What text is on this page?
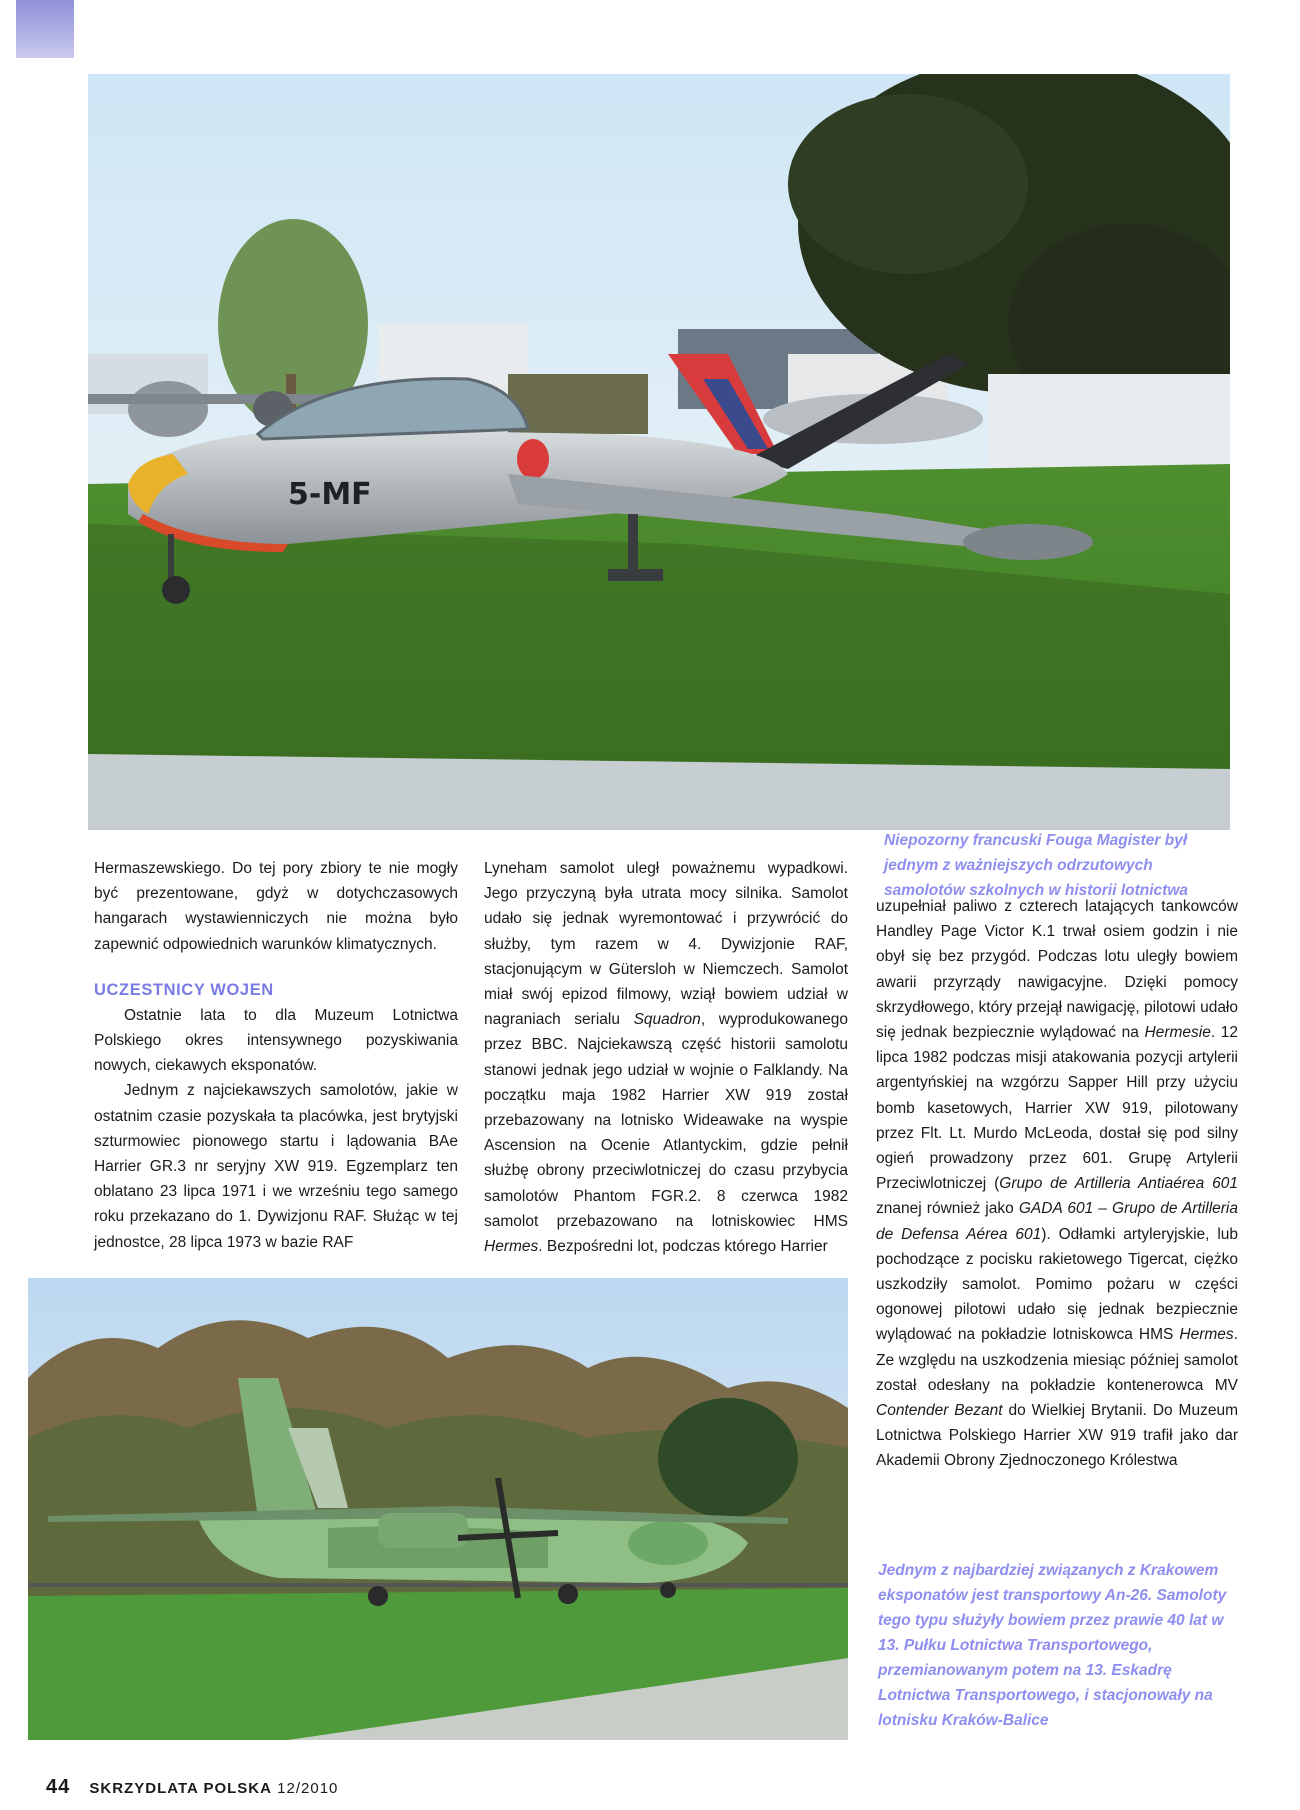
5-MF
Niepozorny francuski Fouga Magister był jednym z ważniejszych odrzutowych samolotów szkolnych w historii lotnictwa

Hermaszewskiego. Do tej pory zbiory te nie mogły być prezentowane, gdyż w dotychczasowych hangarach wystawienniczych nie można było zapewnić odpowiednich warunków klimatycznych.

UCZESTNICY WOJEN

Ostatnie lata to dla Muzeum Lotnictwa Polskiego okres intensywnego pozyskiwania nowych, ciekawych eksponatów.

Jednym z najciekawszych samolotów, jakie w ostatnim czasie pozyskała ta placówka, jest brytyjski szturmowiec pionowego startu i lądowania BAe Harrier GR.3 nr seryjny XW 919. Egzemplarz ten oblatano 23 lipca 1971 i we wrześniu tego samego roku przekazano do 1. Dywizjonu RAF. Służąc w tej jednostce, 28 lipca 1973 w bazie RAF

Lyneham samolot uległ poważnemu wypadkowi. Jego przyczyną była utrata mocy silnika. Samolot udało się jednak wyremontować i przywrócić do służby, tym razem w 4. Dywizjonie RAF, stacjonującym w Gütersloh w Niemczech. Samolot miał swój epizod filmowy, wziął bowiem udział w nagraniach serialu Squadron, wyprodukowanego przez BBC. Najciekawszą część historii samolotu stanowi jednak jego udział w wojnie o Falklandy. Na początku maja 1982 Harrier XW 919 został przebazowany na lotnisko Wideawake na wyspie Ascension na Ocenie Atlantyckim, gdzie pełnił służbę obrony przeciwlotniczej do czasu przybycia samolotów Phantom FGR.2. 8 czerwca 1982 samolot przebazowano na lotniskowiec HMS Hermes. Bezpośredni lot, podczas którego Harrier

uzupełniał paliwo z czterech latających tankowców Handley Page Victor K.1 trwał osiem godzin i nie obył się bez przygód. Podczas lotu uległy bowiem awarii przyrządy nawigacyjne. Dzięki pomocy skrzydłowego, który przejął nawigację, pilotowi udało się jednak bezpiecznie wylądować na Hermesie. 12 lipca 1982 podczas misji atakowania pozycji artylerii argentyńskiej na wzgórzu Sapper Hill przy użyciu bomb kasetowych, Harrier XW 919, pilotowany przez Flt. Lt. Murdo McLeoda, dostał się pod silny ogień prowadzony przez 601. Grupę Artylerii Przeciwlotniczej (Grupo de Artilleria Antiaérea 601 znanej również jako GADA 601 – Grupo de Artilleria de Defensa Aérea 601). Odłamki artyleryjskie, lub pochodzące z pocisku rakietowego Tigercat, ciężko uszkodziły samolot. Pomimo pożaru w części ogonowej pilotowi udało się jednak bezpiecznie wylądować na pokładzie lotniskowca HMS Hermes. Ze względu na uszkodzenia miesiąc później samolot został odesłany na pokładzie kontenerowca MV Contender Bezant do Wielkiej Brytanii. Do Muzeum Lotnictwa Polskiego Harrier XW 919 trafił jako dar Akademii Obrony Zjednoczonego Królestwa

Jednym z najbardziej związanych z Krakowem eksponatów jest transportowy An-26. Samoloty tego typu służyły bowiem przez prawie 40 lat w 13. Pułku Lotnictwa Transportowego, przemianowanym potem na 13. Eskadrę Lotnictwa Transportowego, i stacjonowały na lotnisku Kraków-Balice
44 SKRZYDLATA POLSKA 12/2010
